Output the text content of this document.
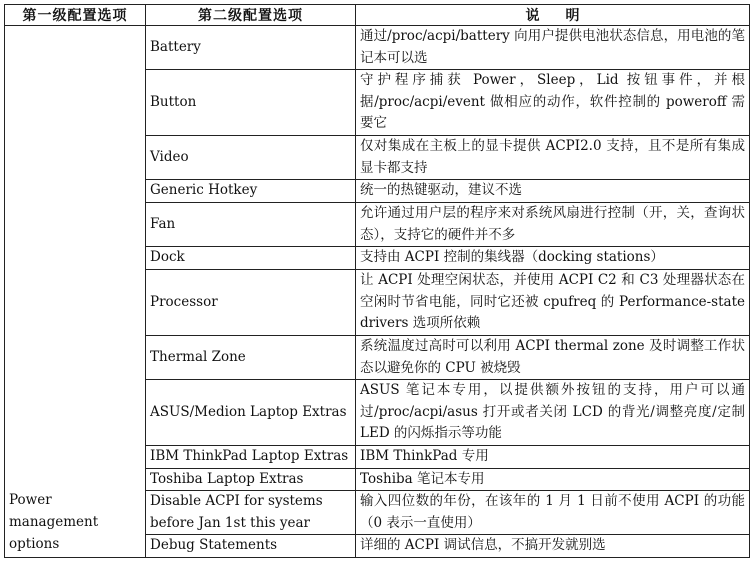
第一级配置选项	第二级配置选项	说明

Power management options	Battery	通过/proc/acpi/battery 向用户提供电池状态信息，用电池的笔记本可以选
	Button	守护程序捕获 Power，Sleep，Lid 按钮事件，并根据/proc/acpi/event 做相应的动作，软件控制的 poweroff 需要它
	Video	仅对集成在主板上的显卡提供 ACPI2.0 支持，且不是所有集成显卡都支持
	Generic Hotkey	统一的热键驱动，建议不选
	Fan	允许通过用户层的程序来对系统风扇进行控制（开，关，查询状态），支持它的硬件并不多
	Dock	支持由 ACPI 控制的集线器（docking stations）
	Processor	让 ACPI 处理空闲状态，并使用 ACPI C2 和 C3 处理器状态在空闲时节省电能，同时它还被 cpufreq 的 Performance-state drivers 选项所依赖
	Thermal Zone	系统温度过高时可以利用 ACPI thermal zone 及时调整工作状态以避免你的 CPU 被烧毁
	ASUS/Medion Laptop Extras	ASUS 笔记本专用，以提供额外按钮的支持，用户可以通过/proc/acpi/asus 打开或者关闭 LCD 的背光/调整亮度/定制 LED 的闪烁指示等功能
	IBM ThinkPad Laptop Extras	IBM ThinkPad 专用
	Toshiba Laptop Extras	Toshiba 笔记本专用
	Disable ACPI for systems before Jan 1st this year	输入四位数的年份，在该年的 1 月 1 日前不使用 ACPI 的功能（0 表示一直使用）
	Debug Statements	详细的 ACPI 调试信息，不搞开发就别选
